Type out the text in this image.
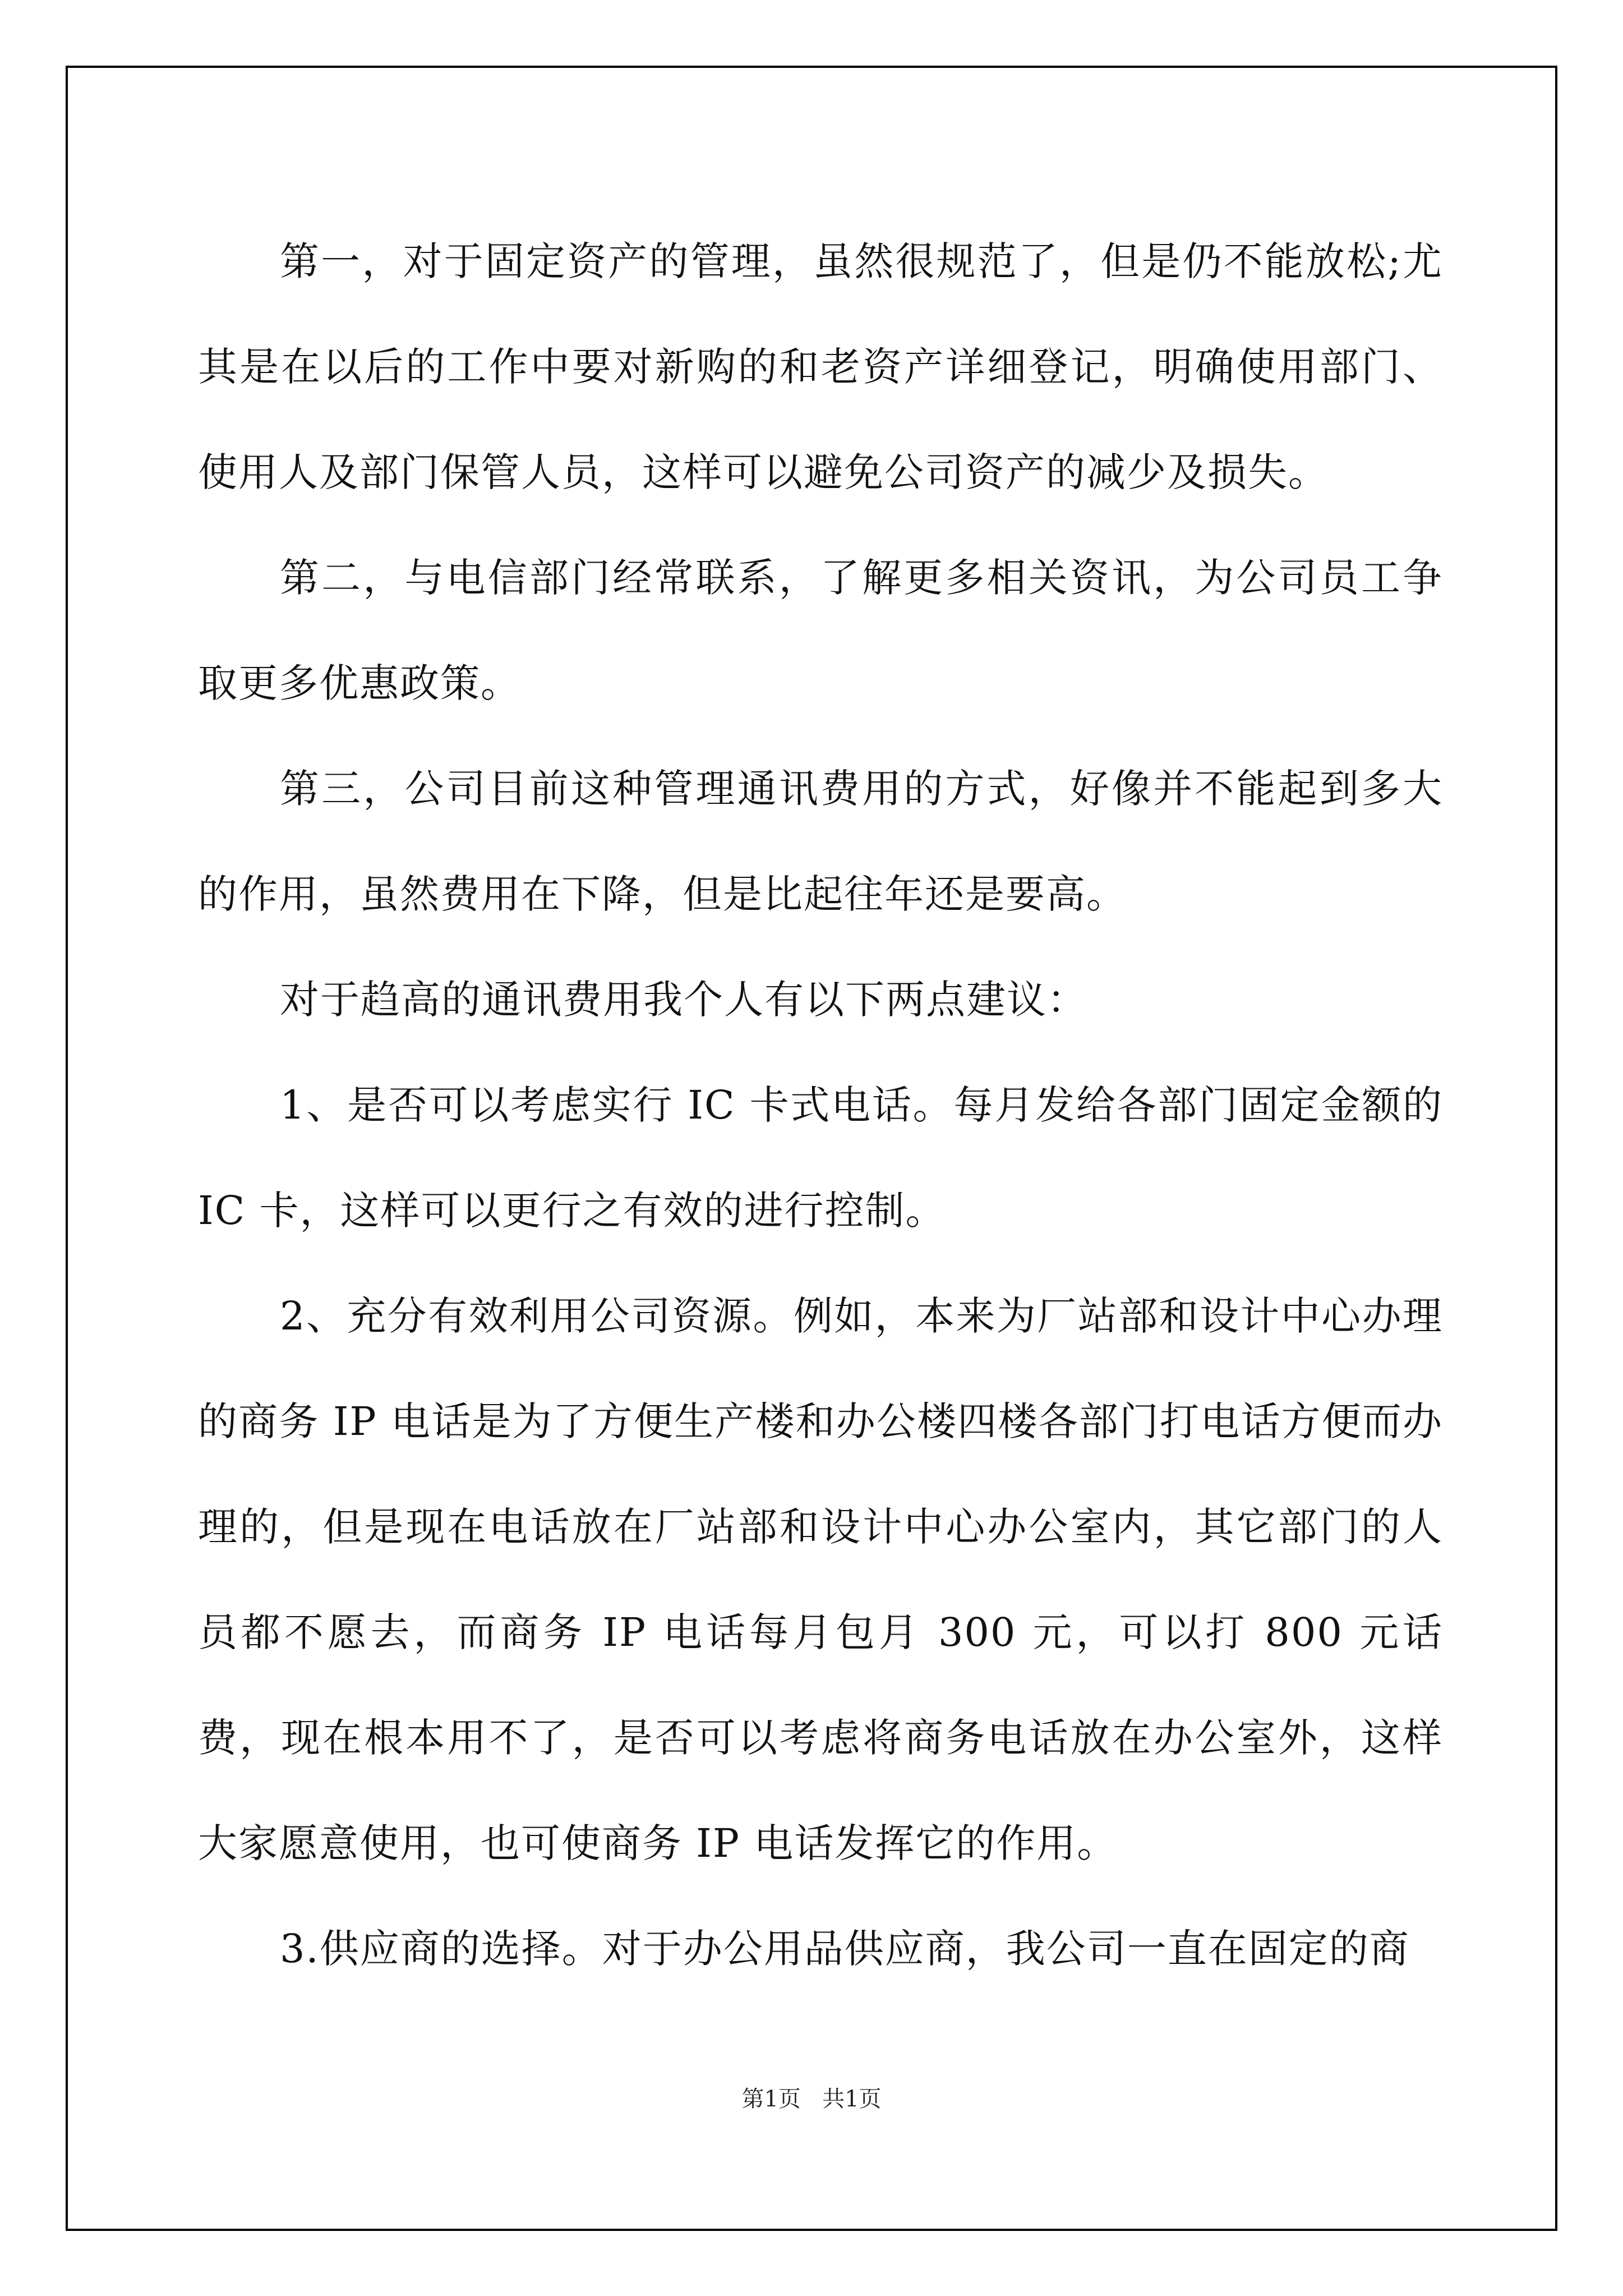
第一，对于固定资产的管理，虽然很规范了，但是仍不能放松;尤其是在以后的工作中要对新购的和老资产详细登记，明确使用部门、使用人及部门保管人员，这样可以避免公司资产的减少及损失。

第二，与电信部门经常联系，了解更多相关资讯，为公司员工争取更多优惠政策。

第三，公司目前这种管理通讯费用的方式，好像并不能起到多大的作用，虽然费用在下降，但是比起往年还是要高。

对于趋高的通讯费用我个人有以下两点建议：

1、是否可以考虑实行 IC 卡式电话。每月发给各部门固定金额的 IC 卡，这样可以更行之有效的进行控制。

2、充分有效利用公司资源。例如，本来为厂站部和设计中心办理的商务 IP 电话是为了方便生产楼和办公楼四楼各部门打电话方便而办理的，但是现在电话放在厂站部和设计中心办公室内，其它部门的人员都不愿去，而商务 IP 电话每月包月 300 元，可以打 800 元话费，现在根本用不了，是否可以考虑将商务电话放在办公室外，这样大家愿意使用，也可使商务 IP 电话发挥它的作用。

3.供应商的选择。对于办公用品供应商，我公司一直在固定的商

第1页 共1页
